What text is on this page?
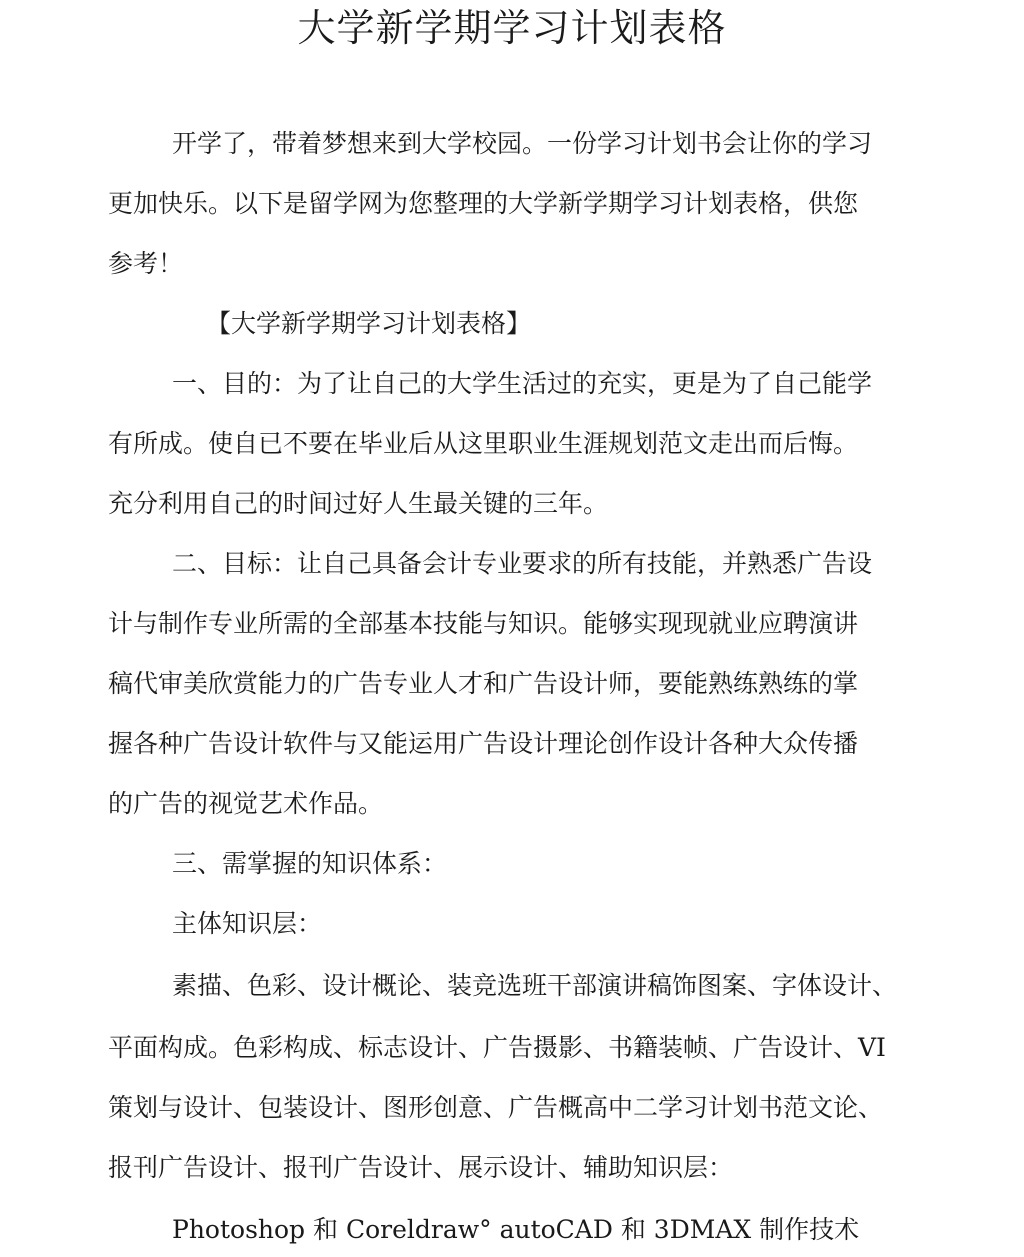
大学新学期学习计划表格
开学了，带着梦想来到大学校园。一份学习计划书会让你的学习
更加快乐。以下是留学网为您整理的大学新学期学习计划表格，供您
参考！
【大学新学期学习计划表格】
一、目的：为了让自己的大学生活过的充实，更是为了自己能学
有所成。使自已不要在毕业后从这里职业生涯规划范文走出而后悔。
充分利用自己的时间过好人生最关键的三年。
二、目标：让自己具备会计专业要求的所有技能，并熟悉广告设
计与制作专业所需的全部基本技能与知识。能够实现现就业应聘演讲
稿代审美欣赏能力的广告专业人才和广告设计师，要能熟练熟练的掌
握各种广告设计软件与又能运用广告设计理论创作设计各种大众传播
的广告的视觉艺术作品。
三、需掌握的知识体系：
主体知识层：
素描、色彩、设计概论、装竞选班干部演讲稿饰图案、字体设计、
平面构成。色彩构成、标志设计、广告摄影、书籍装帧、广告设计、VI
策划与设计、包装设计、图形创意、广告概高中二学习计划书范文论、
报刊广告设计、报刊广告设计、展示设计、辅助知识层：
Photoshop 和 Coreldraw° autoCAD 和 3DMAX 制作技术
